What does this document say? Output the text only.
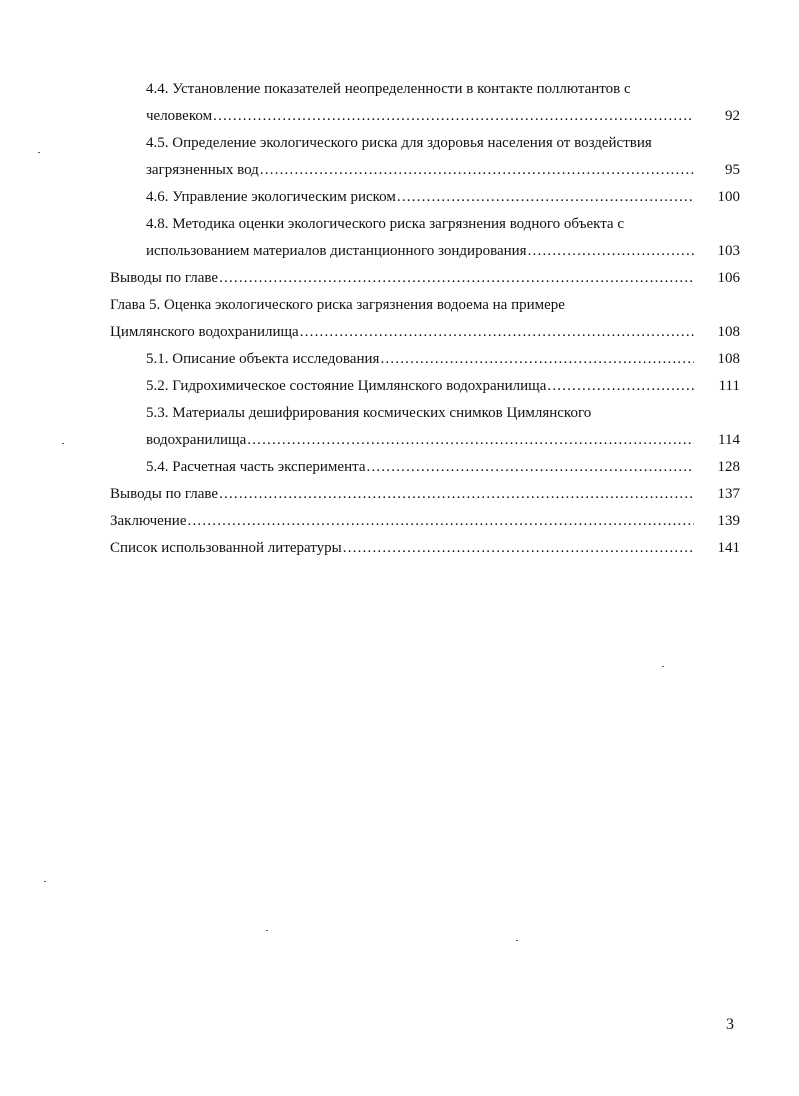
4.4. Установление показателей неопределенности в контакте поллютантов с
человеком .....	92
4.5. Определение экологического риска для здоровья населения от воздействия
загрязненных вод .....	95
4.6. Управление экологическим риском .....	100
4.8. Методика оценки экологического риска загрязнения водного объекта с
использованием материалов дистанционного зондирования .....	103
Выводы по главе .....	106
Глава 5. Оценка экологического риска загрязнения водоема на примере
Цимлянского водохранилища .....	108
5.1. Описание объекта исследования .....	108
5.2. Гидрохимическое состояние Цимлянского водохранилища .....	111
5.3. Материалы дешифрирования космических снимков Цимлянского
водохранилища .....	114
5.4. Расчетная часть эксперимента .....	128
Выводы по главе .....	137
Заключение .....	139
Список использованной литературы .....	141
3
